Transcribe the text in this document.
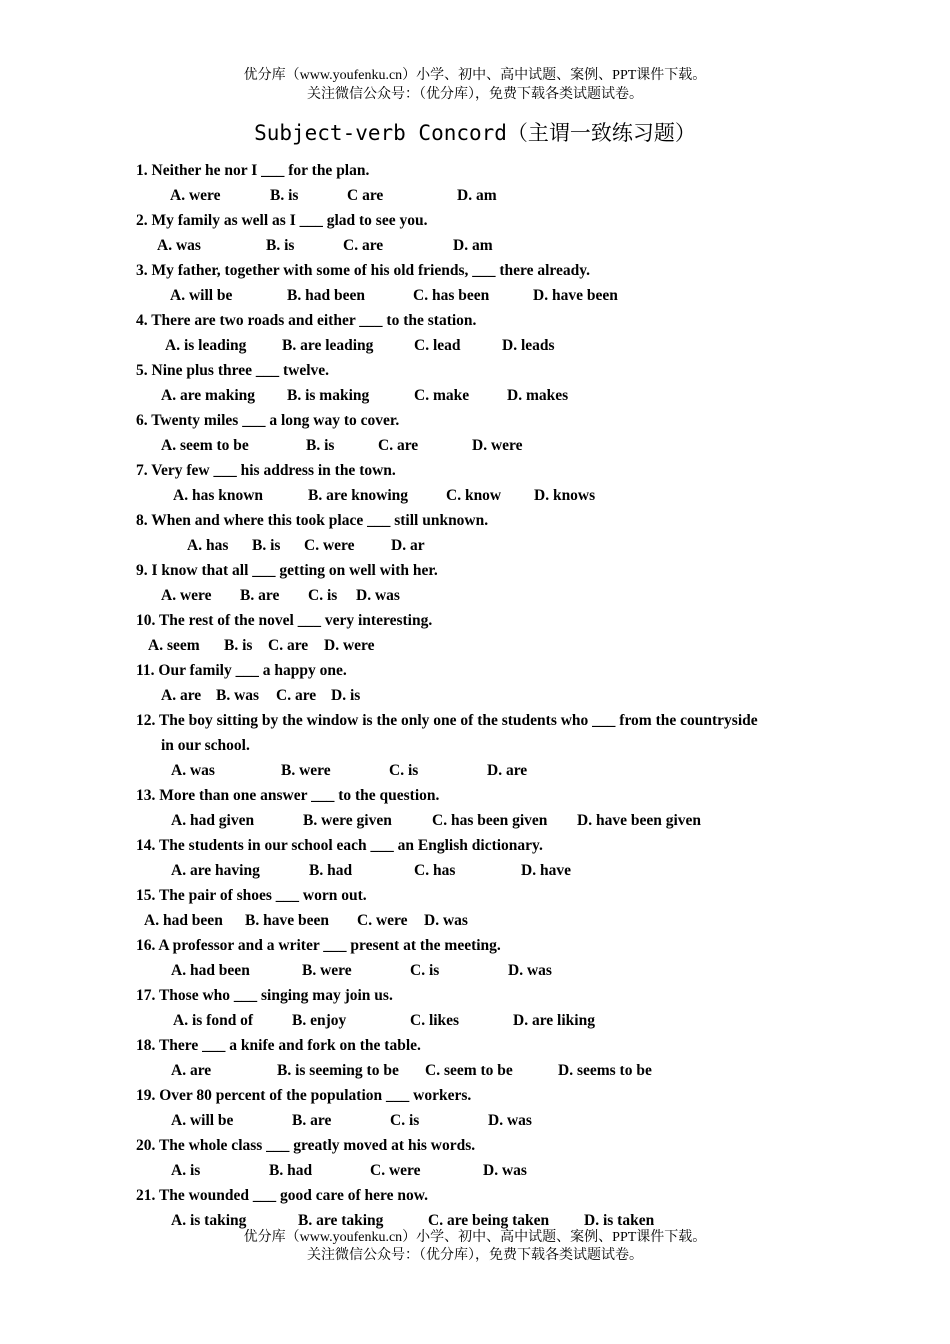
优分库（www.youfenku.cn）小学、初中、高中试题、案例、PPT课件下载。
关注微信公众号：（优分库），免费下载各类试题试卷。
Subject-verb Concord（主谓一致练习题）
1. Neither he nor I ___ for the plan.
A. were	B. is	C are	D. am
2. My family as well as I ___ glad to see you.
A. was	B. is	C. are	D. am
3. My father, together with some of his old friends, ___ there already.
A. will be	B. had been	C. has been	D. have been
4. There are two roads and either ___ to the station.
A. is leading B. are leading	C. lead	D. leads
5. Nine plus three ___ twelve.
A. are making B. is making	C. make D. makes
6. Twenty miles ___ a long way to cover.
A. seem to be	B. is	C. are	D. were
7. Very few ___ his address in the town.
A. has known	B. are knowing C. know D. knows
8. When and where this took place ___ still unknown.
A. has B. is C. were D. ar
9. I know that all ___ getting on well with her.
A. were B. are C. is D. was
10. The rest of the novel ___ very interesting.
A. seem B. is C. are D. were
11. Our family ___ a happy one.
A. are B. was C. are D. is
12. The boy sitting by the window is the only one of the students who ___ from the countryside
in our school.
A. was	B. were	C. is	D. are
13. More than one answer ___ to the question.
A. had given	B. were given	C. has been given D. have been given
14. The students in our school each ___ an English dictionary.
A. are having	B. had	C. has	D. have
15. The pair of shoes ___ worn out.
A. had been B. have been C. were D. was
16. A professor and a writer ___ present at the meeting.
A. had been	B. were	C. is	D. was
17. Those who ___ singing may join us.
A. is fond of	B. enjoy	C. likes	D. are liking
18. There ___ a knife and fork on the table.
A. are	B. is seeming to be C. seem to be	D. seems to be
19. Over 80 percent of the population ___ workers.
A. will be	B. are	C. is	D. was
20. The whole class ___ greatly moved at his words.
A. is	B. had	C. were	D. was
21. The wounded ___ good care of here now.
A. is taking	B. are taking	C. are being taken D. is taken
优分库（www.youfenku.cn）小学、初中、高中试题、案例、PPT课件下载。
关注微信公众号：（优分库），免费下载各类试题试卷。
